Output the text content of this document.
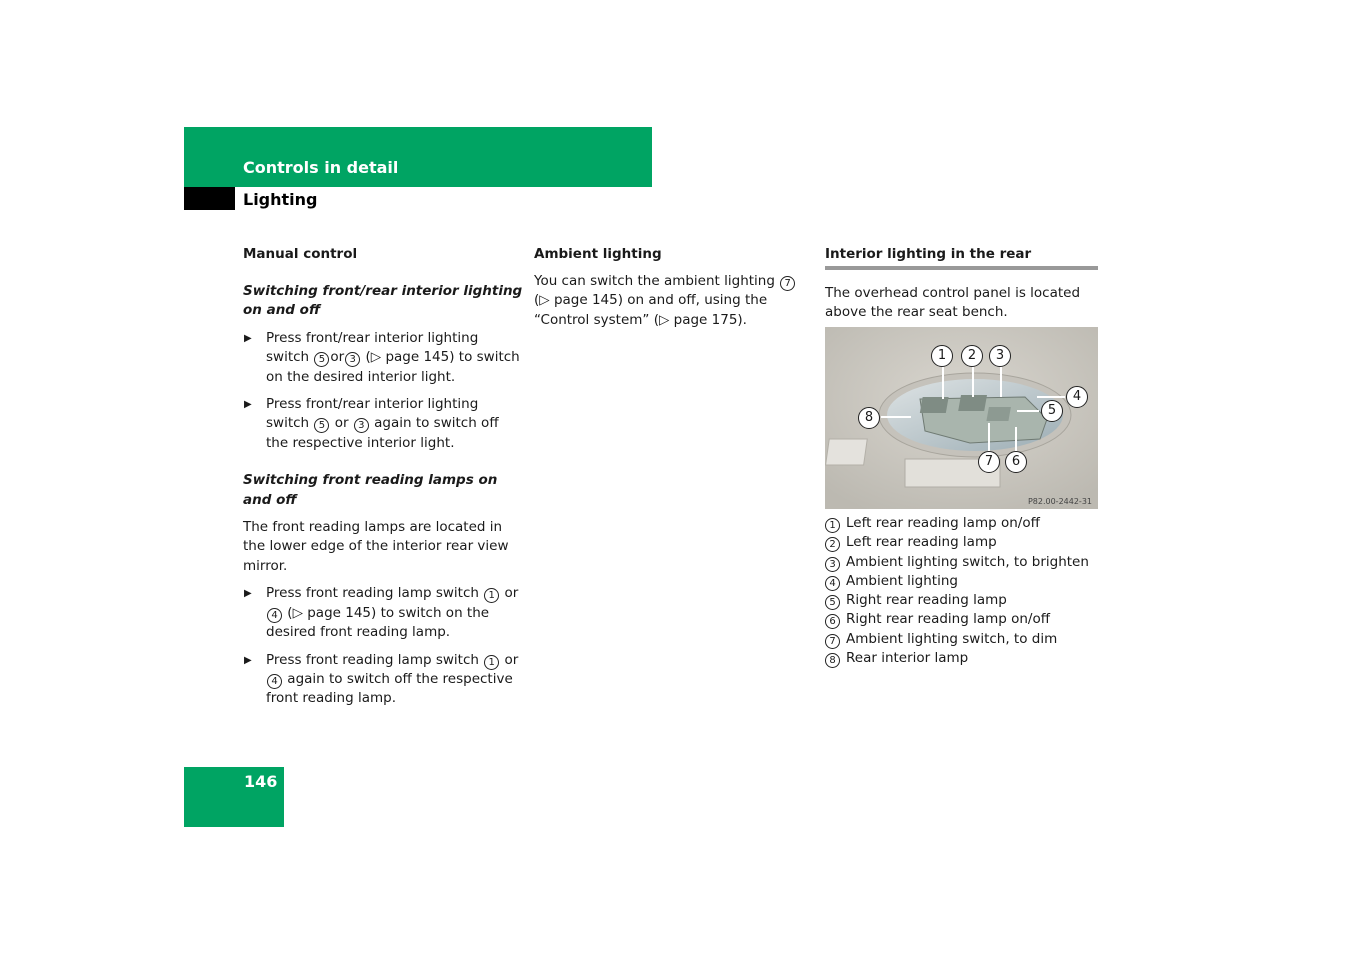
Controls in detail
Lighting
Manual control
Switching front/rear interior lighting on and off
▶ Press front/rear interior lighting switch 5 or 3 (▷ page 145) to switch on the desired interior light.
▶ Press front/rear interior lighting switch 5 or 3 again to switch off the respective interior light.
Switching front reading lamps on and off

The front reading lamps are located in the lower edge of the interior rear view mirror.

▶ Press front reading lamp switch 1 or 4 (▷ page 145) to switch on the desired front reading lamp.
▶ Press front reading lamp switch 1 or 4 again to switch off the respective front reading lamp.
Ambient lighting

You can switch the ambient lighting 7 (▷ page 145) on and off, using the “Control system” (▷ page 175).

Interior lighting in the rear

The overhead control panel is located above the rear seat bench.

1	2	3
4
5
6
7
8
P82.00-2442-31
1 Left rear reading lamp on/off
2 Left rear reading lamp
3 Ambient lighting switch, to brighten
4 Ambient lighting
5 Right rear reading lamp
6 Right rear reading lamp on/off
7 Ambient lighting switch, to dim
8 Rear interior lamp
146
